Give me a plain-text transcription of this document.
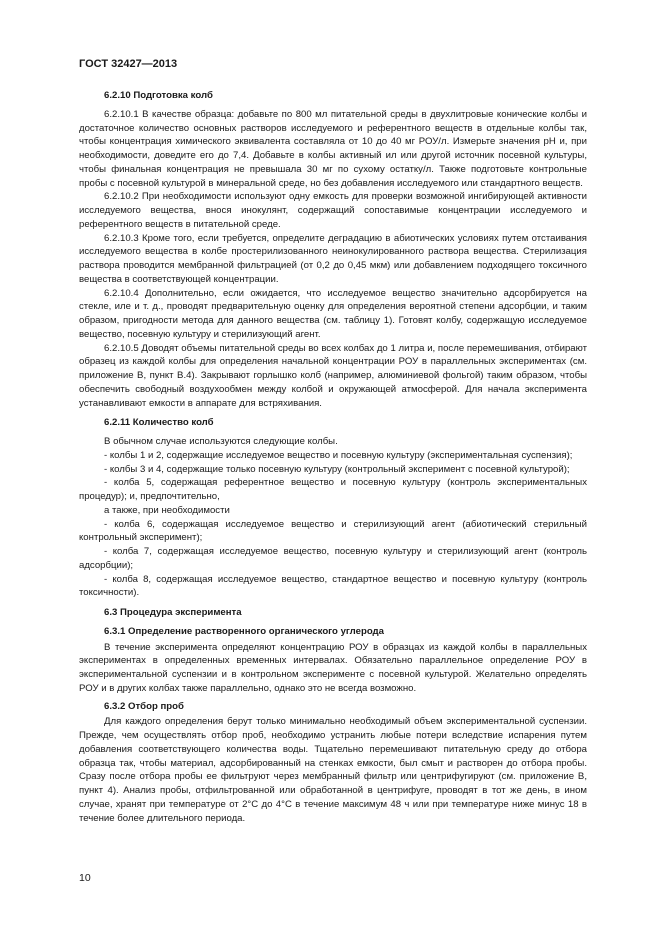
ГОСТ 32427—2013

6.2.10 Подготовка колб

6.2.10.1 В качестве образца: добавьте по 800 мл питательной среды в двухлитровые конические колбы и достаточное количество основных растворов исследуемого и референтного веществ в отдельные колбы так, чтобы концентрация химического эквивалента составляла от 10 до 40 мг РОУ/л. Измерьте значения pH и, при необходимости, доведите его до 7,4. Добавьте в колбы активный ил или другой источник посевной культуры, чтобы финальная концентрация не превышала 30 мг по сухому остатку/л. Также подготовьте контрольные пробы с посевной культурой в минеральной среде, но без добавления исследуемого или стандартного веществ.

6.2.10.2 При необходимости используют одну емкость для проверки возможной ингибирующей активности исследуемого вещества, внося инокулянт, содержащий сопоставимые концентрации исследуемого и референтного веществ в питательной среде.

6.2.10.3 Кроме того, если требуется, определите деградацию в абиотических условиях путем отстаивания исследуемого вещества в колбе простерилизованного неинокулированного раствора вещества. Стерилизация раствора проводится мембранной фильтрацией (от 0,2 до 0,45 мкм) или добавлением подходящего токсичного вещества в соответствующей концентрации.

6.2.10.4 Дополнительно, если ожидается, что исследуемое вещество значительно адсорбируется на стекле, иле и т. д., проводят предварительную оценку для определения вероятной степени адсорбции, и таким образом, пригодности метода для данного вещества (см. таблицу 1). Готовят колбу, содержащую исследуемое вещество, посевную культуру и стерилизующий агент.

6.2.10.5 Доводят объемы питательной среды во всех колбах до 1 литра и, после перемешивания, отбирают образец из каждой колбы для определения начальной концентрации РОУ в параллельных экспериментах (см. приложение В, пункт В.4). Закрывают горлышко колб (например, алюминиевой фольгой) таким образом, чтобы обеспечить свободный воздухообмен между колбой и окружающей атмосферой. Для начала эксперимента устанавливают емкости в аппарате для встряхивания.

6.2.11 Количество колб

В обычном случае используются следующие колбы.

- колбы 1 и 2, содержащие исследуемое вещество и посевную культуру (экспериментальная суспензия);

- колбы 3 и 4, содержащие только посевную культуру (контрольный эксперимент с посевной культурой);

- колба 5, содержащая референтное вещество и посевную культуру (контроль экспериментальных процедур); и, предпочтительно,

а также, при необходимости

- колба 6, содержащая исследуемое вещество и стерилизующий агент (абиотический стерильный контрольный эксперимент);

- колба 7, содержащая исследуемое вещество, посевную культуру и стерилизующий агент (контроль адсорбции);

- колба 8, содержащая исследуемое вещество, стандартное вещество и посевную культуру (контроль токсичности).

6.3 Процедура эксперимента

6.3.1 Определение растворенного органического углерода

В течение эксперимента определяют концентрацию РОУ в образцах из каждой колбы в параллельных экспериментах в определенных временных интервалах. Обязательно параллельное определение РОУ в экспериментальной суспензии и в контрольном эксперименте с посевной культурой. Желательно определять РОУ и в других колбах также параллельно, однако это не всегда возможно.

6.3.2 Отбор проб

Для каждого определения берут только минимально необходимый объем экспериментальной суспензии. Прежде, чем осуществлять отбор проб, необходимо устранить любые потери вследствие испарения путем добавления соответствующего количества воды. Тщательно перемешивают питательную среду до отбора образца так, чтобы материал, адсорбированный на стенках емкости, был смыт и растворен до отбора пробы. Сразу после отбора пробы ее фильтруют через мембранный фильтр или центрифугируют (см. приложение В, пункт 4). Анализ пробы, отфильтрованной или обработанной в центрифуге, проводят в тот же день, в ином случае, хранят при температуре от 2°С до 4°С в течение максимум 48 ч или при температуре ниже минус 18 в течение более длительного периода.

10
